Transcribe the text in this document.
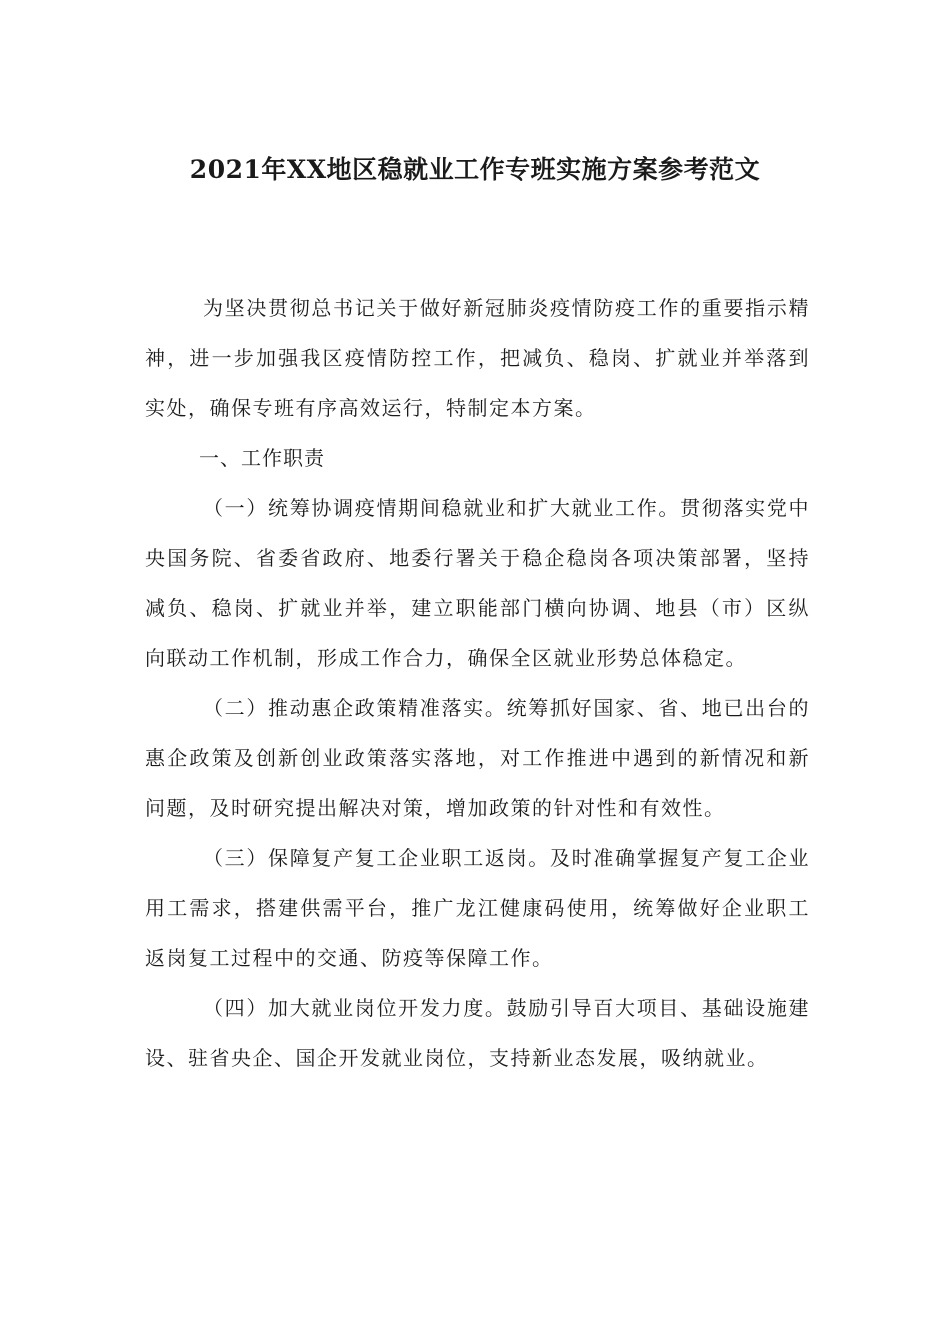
2021年XX地区稳就业工作专班实施方案参考范文

为坚决贯彻总书记关于做好新冠肺炎疫情防疫工作的重要指示精神，进一步加强我区疫情防控工作，把减负、稳岗、扩就业并举落到实处，确保专班有序高效运行，特制定本方案。

一、工作职责

（一）统筹协调疫情期间稳就业和扩大就业工作。贯彻落实党中央国务院、省委省政府、地委行署关于稳企稳岗各项决策部署，坚持减负、稳岗、扩就业并举，建立职能部门横向协调、地县（市）区纵向联动工作机制，形成工作合力，确保全区就业形势总体稳定。

（二）推动惠企政策精准落实。统筹抓好国家、省、地已出台的惠企政策及创新创业政策落实落地，对工作推进中遇到的新情况和新问题，及时研究提出解决对策，增加政策的针对性和有效性。

（三）保障复产复工企业职工返岗。及时准确掌握复产复工企业用工需求，搭建供需平台，推广龙江健康码使用，统筹做好企业职工返岗复工过程中的交通、防疫等保障工作。

（四）加大就业岗位开发力度。鼓励引导百大项目、基础设施建设、驻省央企、国企开发就业岗位，支持新业态发展，吸纳就业。
